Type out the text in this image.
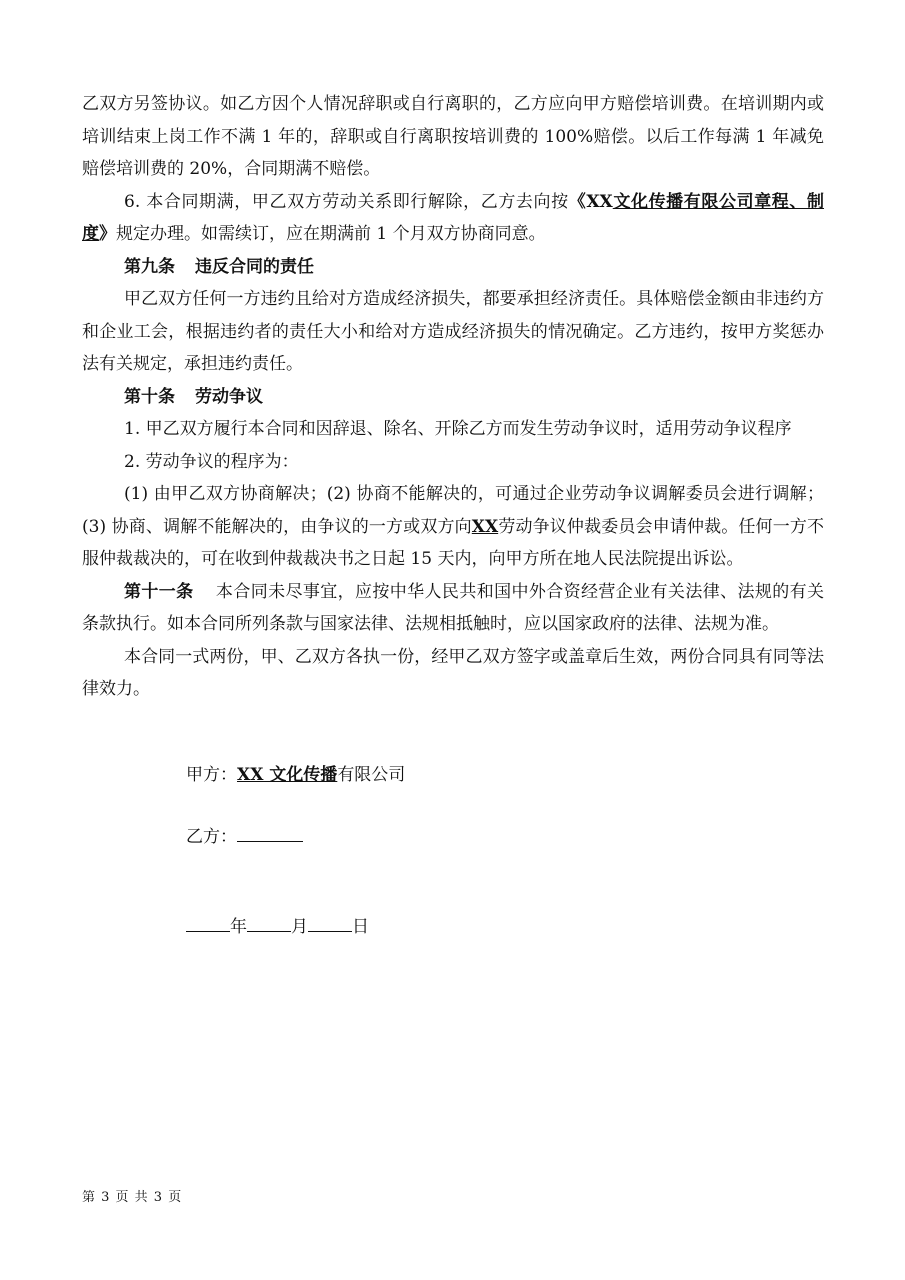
乙双方另签协议。如乙方因个人情况辞职或自行离职的，乙方应向甲方赔偿培训费。在培训期内或培训结束上岗工作不满 1 年的，辞职或自行离职按培训费的 100%赔偿。以后工作每满 1 年减免赔偿培训费的 20%，合同期满不赔偿。

6. 本合同期满，甲乙双方劳动关系即行解除，乙方去向按《XX文化传播有限公司章程、制度》规定办理。如需续订，应在期满前 1 个月双方协商同意。

第九条 违反合同的责任

甲乙双方任何一方违约且给对方造成经济损失，都要承担经济责任。具体赔偿金额由非违约方和企业工会，根据违约者的责任大小和给对方造成经济损失的情况确定。乙方违约，按甲方奖惩办法有关规定，承担违约责任。

第十条 劳动争议

1. 甲乙双方履行本合同和因辞退、除名、开除乙方而发生劳动争议时，适用劳动争议程序

2. 劳动争议的程序为：

(1) 由甲乙双方协商解决；(2) 协商不能解决的，可通过企业劳动争议调解委员会进行调解；(3) 协商、调解不能解决的，由争议的一方或双方向XX劳动争议仲裁委员会申请仲裁。任何一方不服仲裁裁决的，可在收到仲裁裁决书之日起 15 天内，向甲方所在地人民法院提出诉讼。

第十一条 本合同未尽事宜，应按中华人民共和国中外合资经营企业有关法律、法规的有关条款执行。如本合同所列条款与国家法律、法规相抵触时，应以国家政府的法律、法规为准。

本合同一式两份，甲、乙双方各执一份，经甲乙双方签字或盖章后生效，两份合同具有同等法律效力。

甲方：XX 文化传播有限公司
乙方：
年	月	日
第 3 页 共 3 页
